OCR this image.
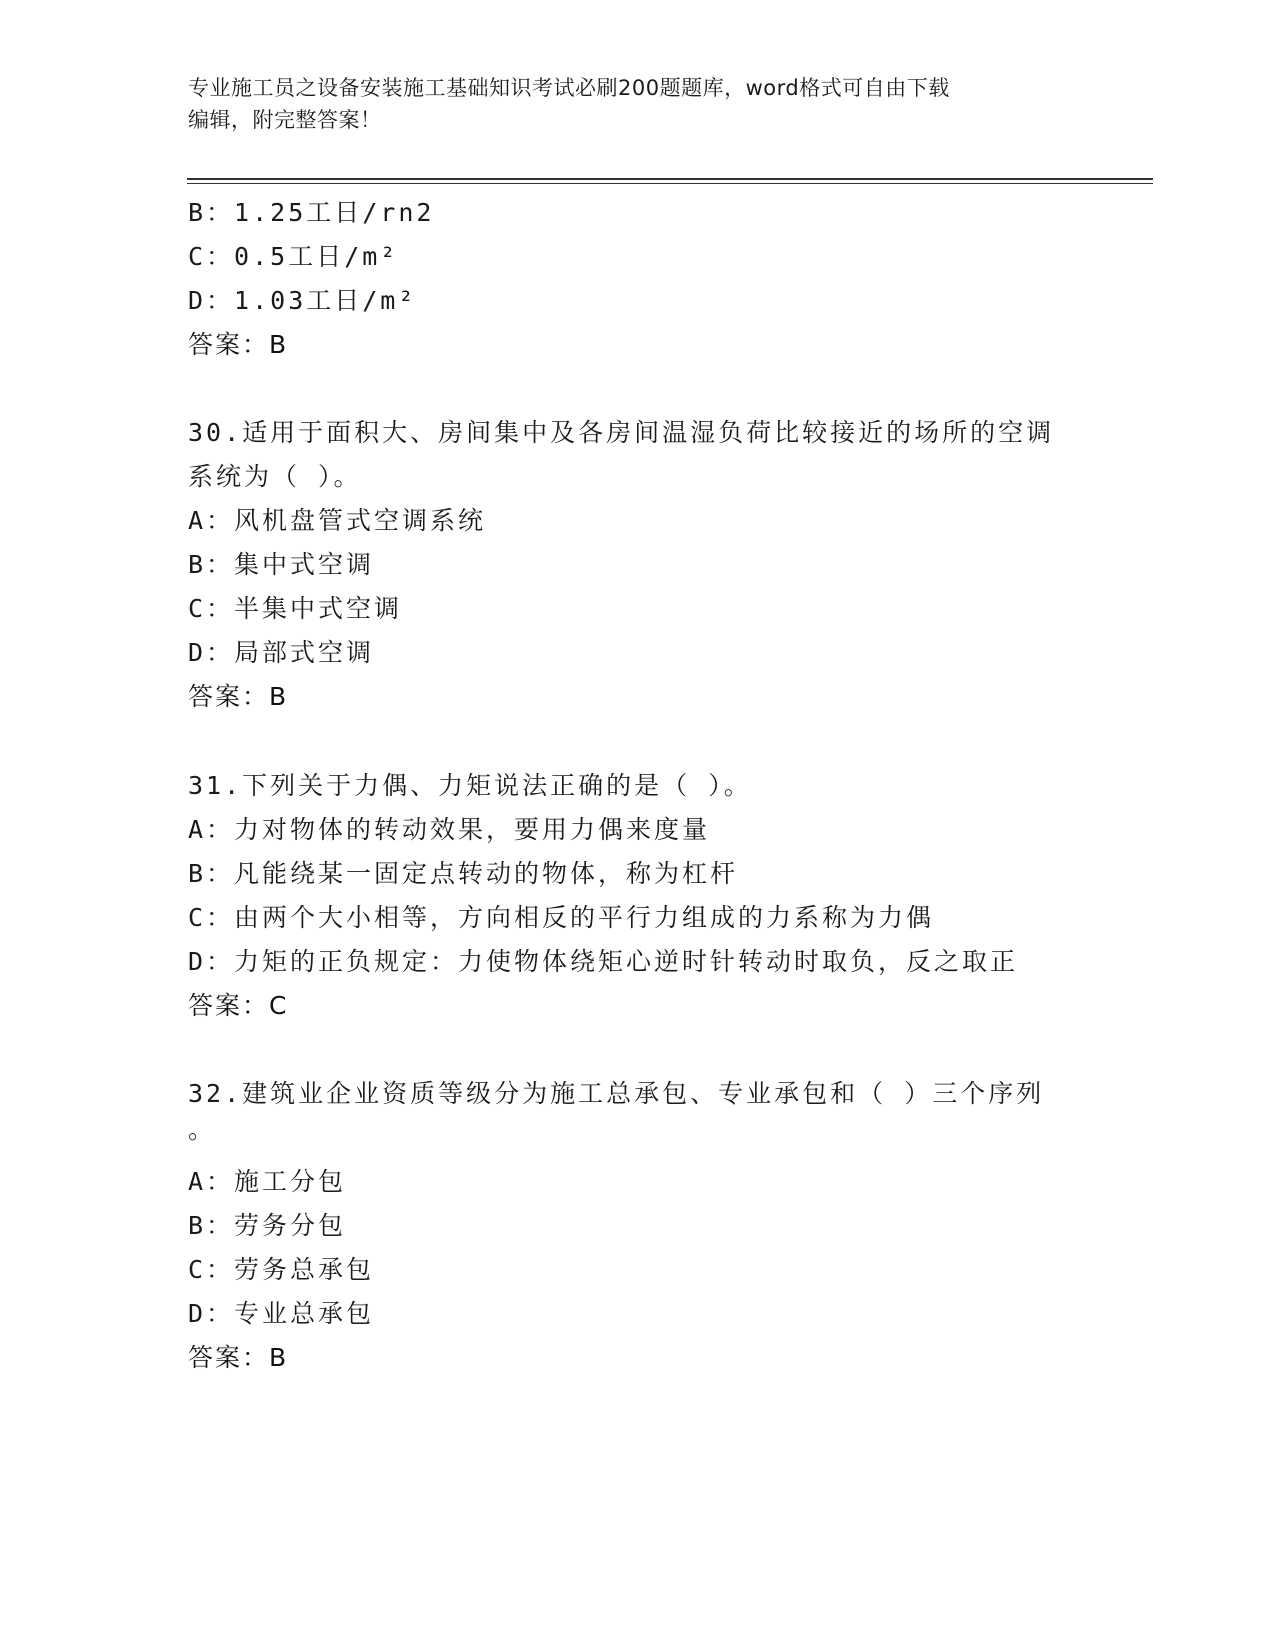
专业施工员之设备安装施工基础知识考试必刷200题题库，word格式可自由下载
编辑，附完整答案！
B：1.25工日/rn2
C：0.5工日/m²
D：1.03工日/m²
答案：B
30.适用于面积大、房间集中及各房间温湿负荷比较接近的场所的空调
系统为（ ）。
A：风机盘管式空调系统
B：集中式空调
C：半集中式空调
D：局部式空调
答案：B
31.下列关于力偶、力矩说法正确的是（ ）。
A：力对物体的转动效果，要用力偶来度量
B：凡能绕某一固定点转动的物体，称为杠杆
C：由两个大小相等，方向相反的平行力组成的力系称为力偶
D：力矩的正负规定：力使物体绕矩心逆时针转动时取负，反之取正
答案：C
32.建筑业企业资质等级分为施工总承包、专业承包和（ ）三个序列
。
A：施工分包
B：劳务分包
C：劳务总承包
D：专业总承包
答案：B
